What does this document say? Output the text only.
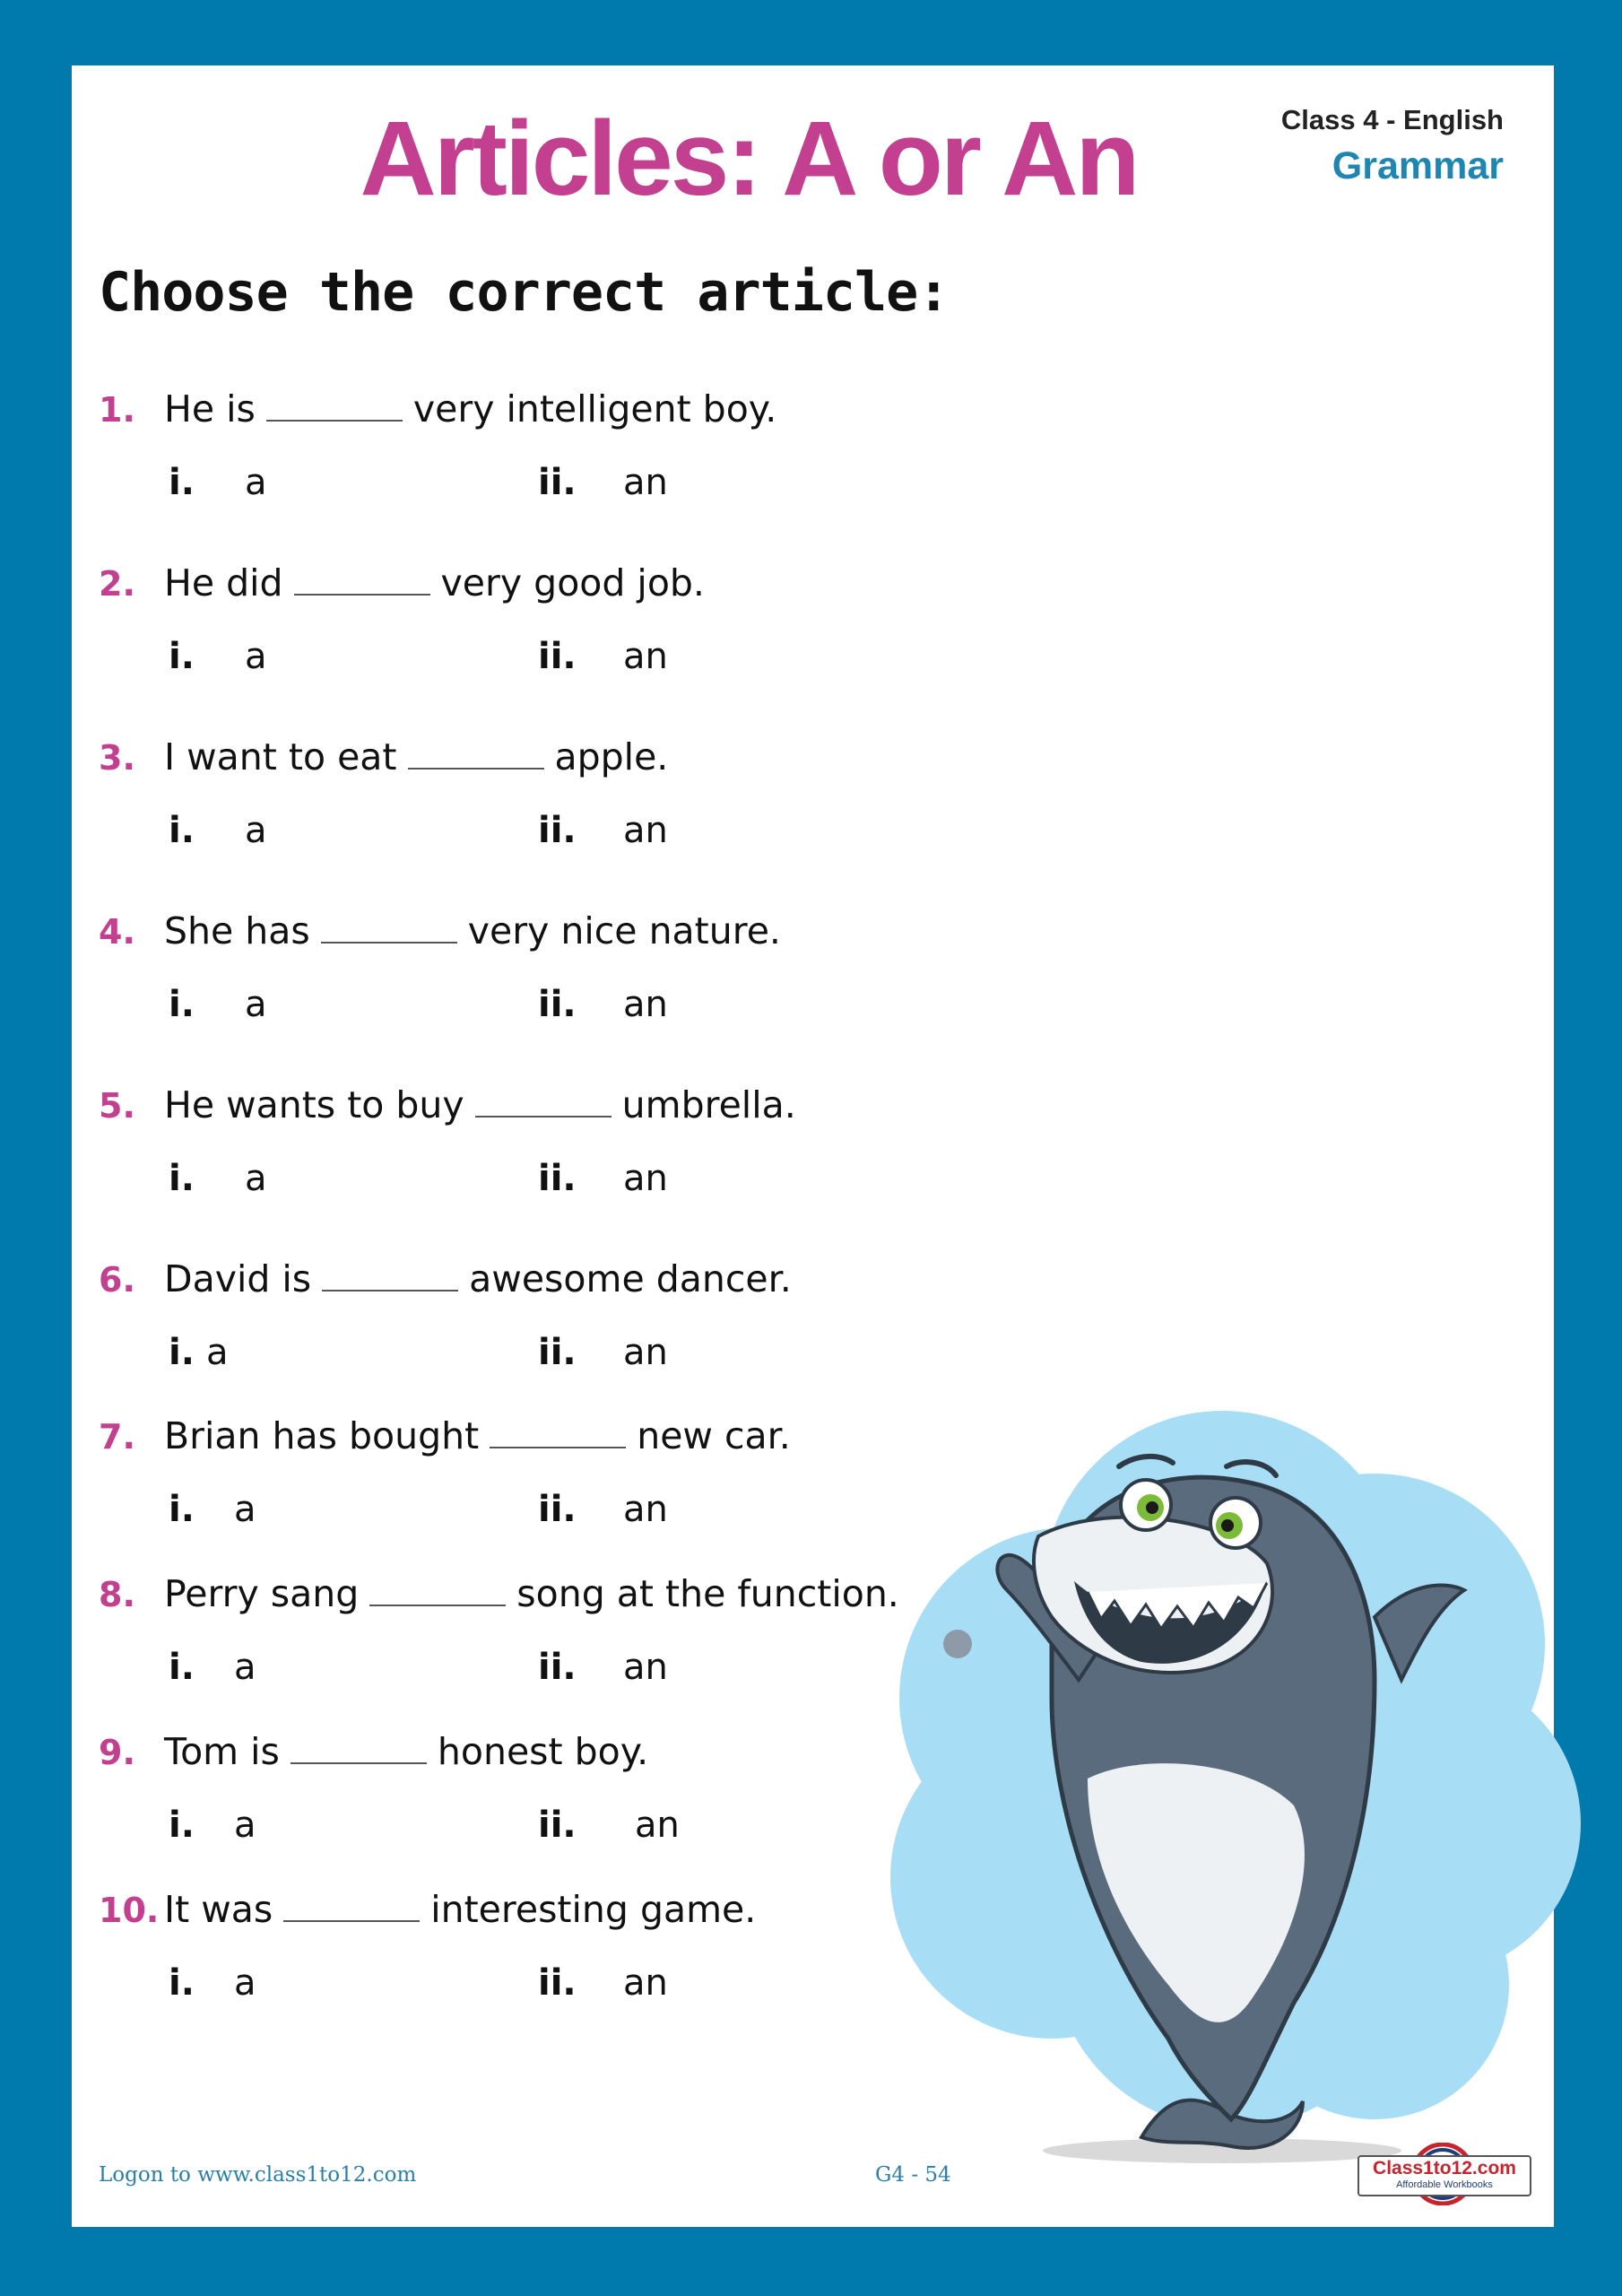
Articles: A or An	Class 4 - English
Grammar
Choose the correct article:
1. He is	very intelligent boy.
i. a	ii. an
2. He did	very good job.
i. a	ii. an
3. I want to eat	apple.
i. a	ii. an
4. She has	very nice nature.
i. a	ii. an
5. He wants to buy	umbrella.
i. a	ii. an
6. David is	awesome dancer.
i. a	ii. an
7. Brian has bought	new car.
i. a	ii. an
8. Perry sang	song at the function.
i. a	ii. an
9. Tom is	honest boy.
i. a	ii. an
10. It was	interesting game.
i. a	ii. an
Logon to www.class1to12.com	G4 - 54	Class1to12.com
Affordable Workbooks
